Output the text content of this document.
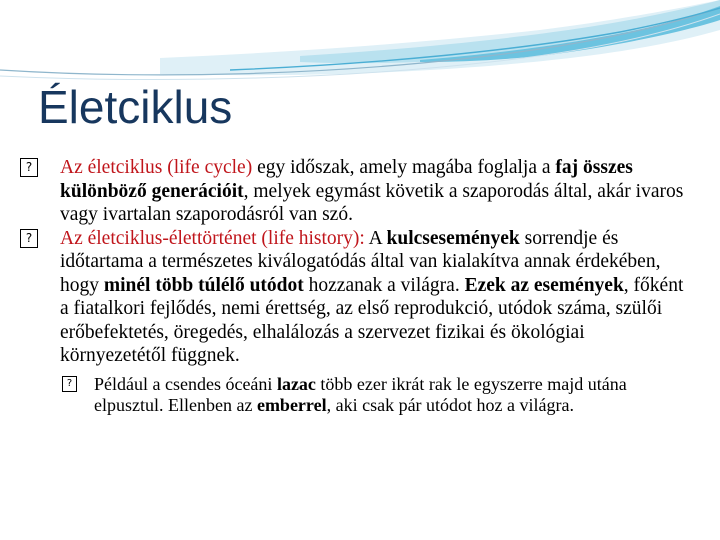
Életciklus

? Az életciklus (life cycle) egy időszak, amely magába foglalja a faj összes különböző generációit, melyek egymást követik a szaporodás által, akár ivaros vagy ivartalan szaporodásról van szó.

? Az életciklus-élettörténet (life history): A kulcsesemények sorrendje és időtartama a természetes kiválogatódás által van kialakítva annak érdekében, hogy minél több túlélő utódot hozzanak a világra. Ezek az események, főként a fiatalkori fejlődés, nemi érettség, az első reprodukció, utódok száma, szülői erőbefektetés, öregedés, elhalálozás a szervezet fizikai és ökológiai környezetétől függnek.

? Például a csendes óceáni lazac több ezer ikrát rak le egyszerre majd utána elpusztul. Ellenben az emberrel, aki csak pár utódot hoz a világra.
